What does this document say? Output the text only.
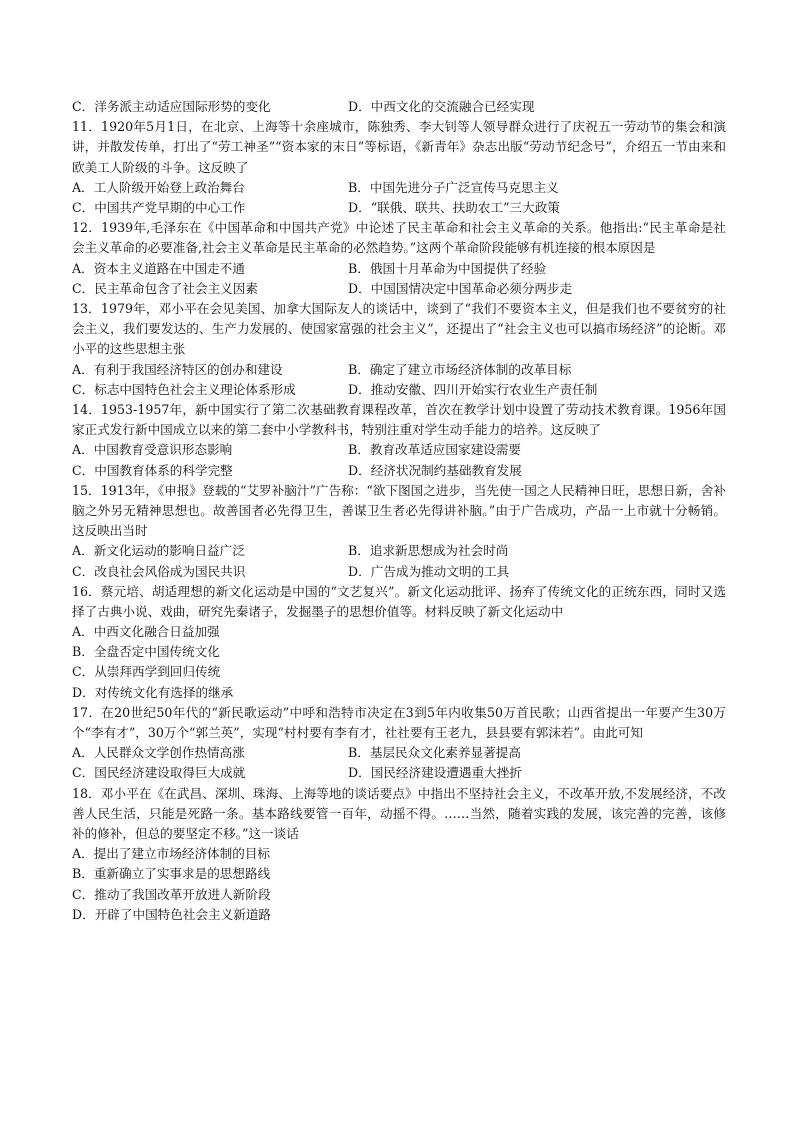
C．洋务派主动适应国际形势的变化	D．中西文化的交流融合已经实现
11．1920年5月1日，在北京、上海等十余座城市，陈独秀、李大钊等人领导群众进行了庆祝五一劳动节的集会和演讲，并散发传单，打出了“劳工神圣”“资本家的末日”等标语，《新青年》杂志出版“劳动节纪念号”，介绍五一节由来和欧美工人阶级的斗争。这反映了
A．工人阶级开始登上政治舞台	B．中国先进分子广泛宣传马克思主义
C．中国共产党早期的中心工作	D．“联俄、联共、扶助农工”三大政策
12．1939年,毛泽东在《中国革命和中国共产党》中论述了民主革命和社会主义革命的关系。他指出:“民主革命是社会主义革命的必要准备,社会主义革命是民主革命的必然趋势。”这两个革命阶段能够有机连接的根本原因是
A．资本主义道路在中国走不通	B．俄国十月革命为中国提供了经验
C．民主革命包含了社会主义因素	D．中国国情决定中国革命必须分两步走
13．1979年，邓小平在会见美国、加拿大国际友人的谈话中，谈到了“我们不要资本主义，但是我们也不要贫穷的社会主义，我们要发达的、生产力发展的、使国家富强的社会主义”，还提出了“社会主义也可以搞市场经济”的论断。邓小平的这些思想主张
A．有利于我国经济特区的创办和建设	B．确定了建立市场经济体制的改革目标
C．标志中国特色社会主义理论体系形成	D．推动安徽、四川开始实行农业生产责任制
14．1953-1957年，新中国实行了第二次基础教育课程改革，首次在教学计划中设置了劳动技术教育课。1956年国家正式发行新中国成立以来的第二套中小学教科书，特别注重对学生动手能力的培养。这反映了
A．中国教育受意识形态影响	B．教育改革适应国家建设需要
C．中国教育体系的科学完整	D．经济状况制约基础教育发展
15．1913年，《申报》登载的“艾罗补脑汁”广告称：“欲下图国之进步，当先使一国之人民精神日旺，思想日新，舍补脑之外另无精神思想也。故善国者必先得卫生，善谋卫生者必先得讲补脑。”由于广告成功，产品一上市就十分畅销。这反映出当时
A．新文化运动的影响日益广泛	B．追求新思想成为社会时尚
C．改良社会风俗成为国民共识	D．广告成为推动文明的工具
16．蔡元培、胡适理想的新文化运动是中国的“文艺复兴”。新文化运动批评、扬弃了传统文化的正统东西，同时又选择了古典小说、戏曲，研究先秦诸子，发掘墨子的思想价值等。材料反映了新文化运动中
A．中西文化融合日益加强
B．全盘否定中国传统文化
C．从崇拜西学到回归传统
D．对传统文化有选择的继承
17．在20世纪50年代的“新民歌运动”中呼和浩特市决定在3到5年内收集50万首民歌；山西省提出一年要产生30万个“李有才”，30万个“郭兰英”，实现“村村要有李有才，社社要有王老九，县县要有郭沫若”。由此可知
A．人民群众文学创作热情高涨	B．基层民众文化素养显著提高
C．国民经济建设取得巨大成就	D．国民经济建设遭遇重大挫折
18．邓小平在《在武昌、深圳、珠海、上海等地的谈话要点》中指出不坚持社会主义，不改革开放,不发展经济，不改善人民生活，只能是死路一条。基本路线要管一百年，动摇不得。……当然，随着实践的发展，该完善的完善，该修补的修补，但总的要坚定不移。”这一谈话
A．提出了建立市场经济体制的目标
B．重新确立了实事求是的思想路线
C．推动了我国改革开放进人新阶段
D．开辟了中国特色社会主义新道路
